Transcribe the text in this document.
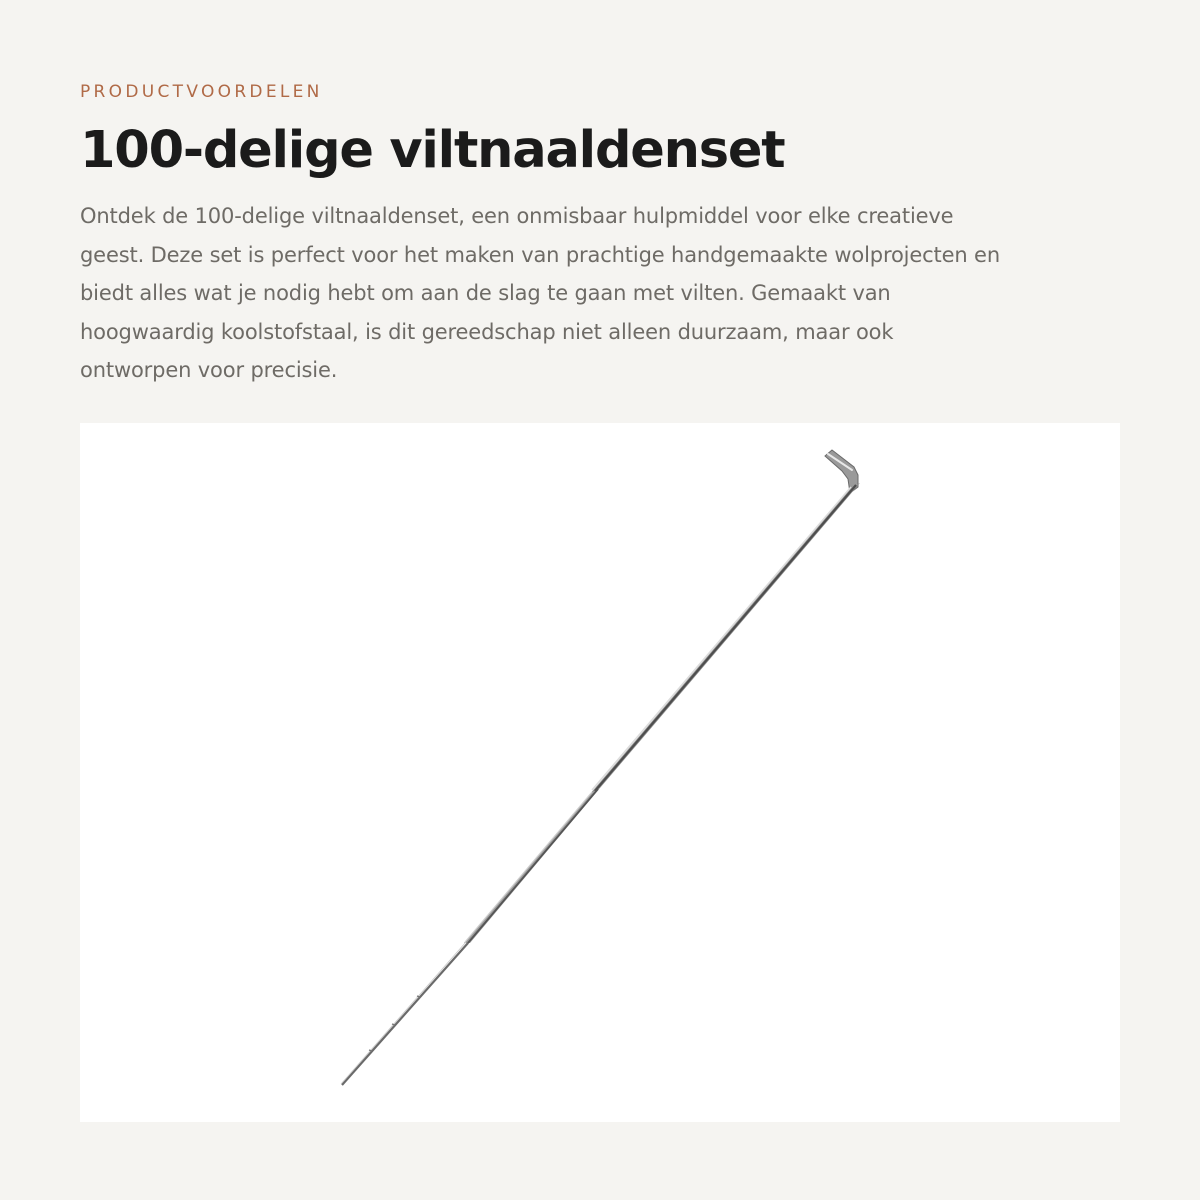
PRODUCTVOORDELEN
100-delige viltnaaldenset

Ontdek de 100-delige viltnaaldenset, een onmisbaar hulpmiddel voor elke creatieve
geest. Deze set is perfect voor het maken van prachtige handgemaakte wolprojecten en
biedt alles wat je nodig hebt om aan de slag te gaan met vilten. Gemaakt van
hoogwaardig koolstofstaal, is dit gereedschap niet alleen duurzaam, maar ook
ontworpen voor precisie.
